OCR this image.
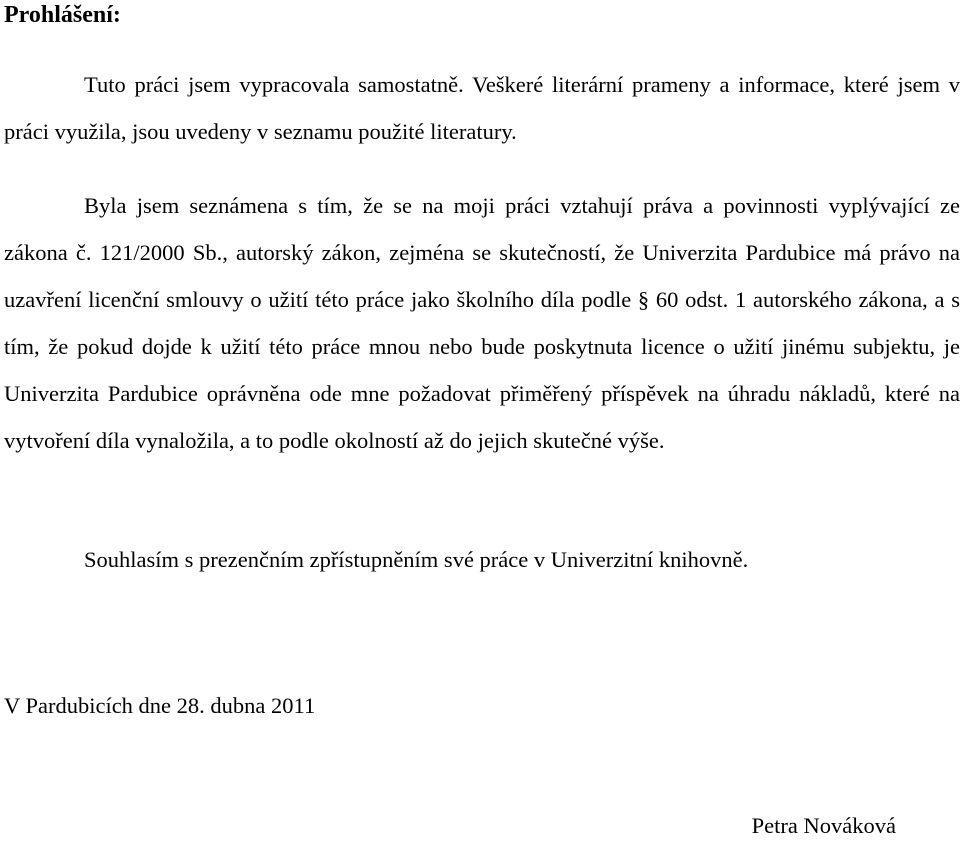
Prohlášení:

Tuto práci jsem vypracovala samostatně. Veškeré literární prameny a informace, které jsem v práci využila, jsou uvedeny v seznamu použité literatury.

Byla jsem seznámena s tím, že se na moji práci vztahují práva a povinnosti vyplývající ze zákona č. 121/2000 Sb., autorský zákon, zejména se skutečností, že Univerzita Pardubice má právo na uzavření licenční smlouvy o užití této práce jako školního díla podle § 60 odst. 1 autorského zákona, a s tím, že pokud dojde k užití této práce mnou nebo bude poskytnuta licence o užití jinému subjektu, je Univerzita Pardubice oprávněna ode mne požadovat přiměřený příspěvek na úhradu nákladů, které na vytvoření díla vynaložila, a to podle okolností až do jejich skutečné výše.

Souhlasím s prezenčním zpřístupněním své práce v Univerzitní knihovně.

V Pardubicích dne 28. dubna 2011
Petra Nováková
